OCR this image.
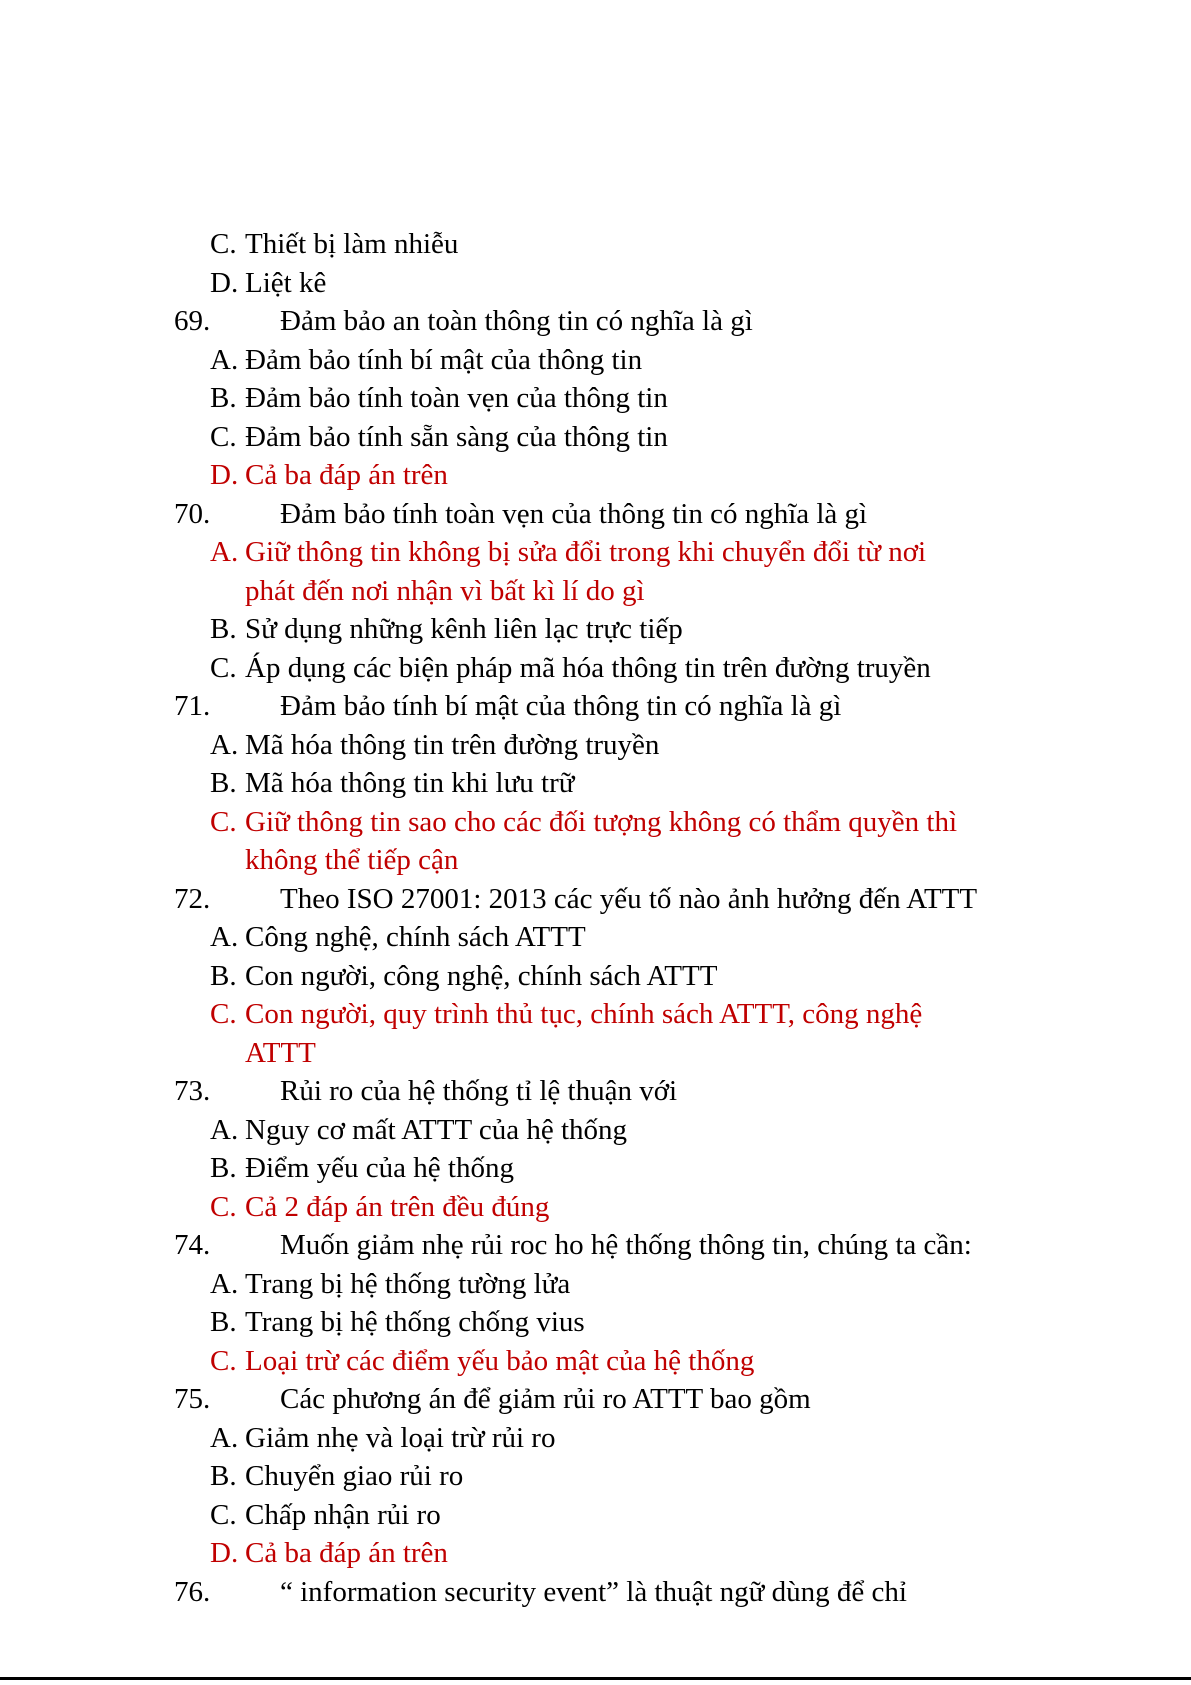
C. Thiết bị làm nhiễu
D. Liệt kê
69. Đảm bảo an toàn thông tin có nghĩa là gì
A. Đảm bảo tính bí mật của thông tin
B. Đảm bảo tính toàn vẹn của thông tin
C. Đảm bảo tính sẵn sàng của thông tin
D. Cả ba đáp án trên
70. Đảm bảo tính toàn vẹn của thông tin có nghĩa là gì
A. Giữ thông tin không bị sửa đổi trong khi chuyển đổi từ nơi
phát đến nơi nhận vì bất kì lí do gì
B. Sử dụng những kênh liên lạc trực tiếp
C. Áp dụng các biện pháp mã hóa thông tin trên đường truyền
71. Đảm bảo tính bí mật của thông tin có nghĩa là gì
A. Mã hóa thông tin trên đường truyền
B. Mã hóa thông tin khi lưu trữ
C. Giữ thông tin sao cho các đối tượng không có thẩm quyền thì
không thể tiếp cận
72. Theo ISO 27001: 2013 các yếu tố nào ảnh hưởng đến ATTT
A. Công nghệ, chính sách ATTT
B. Con người, công nghệ, chính sách ATTT
C. Con người, quy trình thủ tục, chính sách ATTT, công nghệ
ATTT
73. Rủi ro của hệ thống tỉ lệ thuận với
A. Nguy cơ mất ATTT của hệ thống
B. Điểm yếu của hệ thống
C. Cả 2 đáp án trên đều đúng
74. Muốn giảm nhẹ rủi roc ho hệ thống thông tin, chúng ta cần:
A. Trang bị hệ thống tường lửa
B. Trang bị hệ thống chống vius
C. Loại trừ các điểm yếu bảo mật của hệ thống
75. Các phương án để giảm rủi ro ATTT bao gồm
A. Giảm nhẹ và loại trừ rủi ro
B. Chuyển giao rủi ro
C. Chấp nhận rủi ro
D. Cả ba đáp án trên
76. “ information security event” là thuật ngữ dùng để chỉ
